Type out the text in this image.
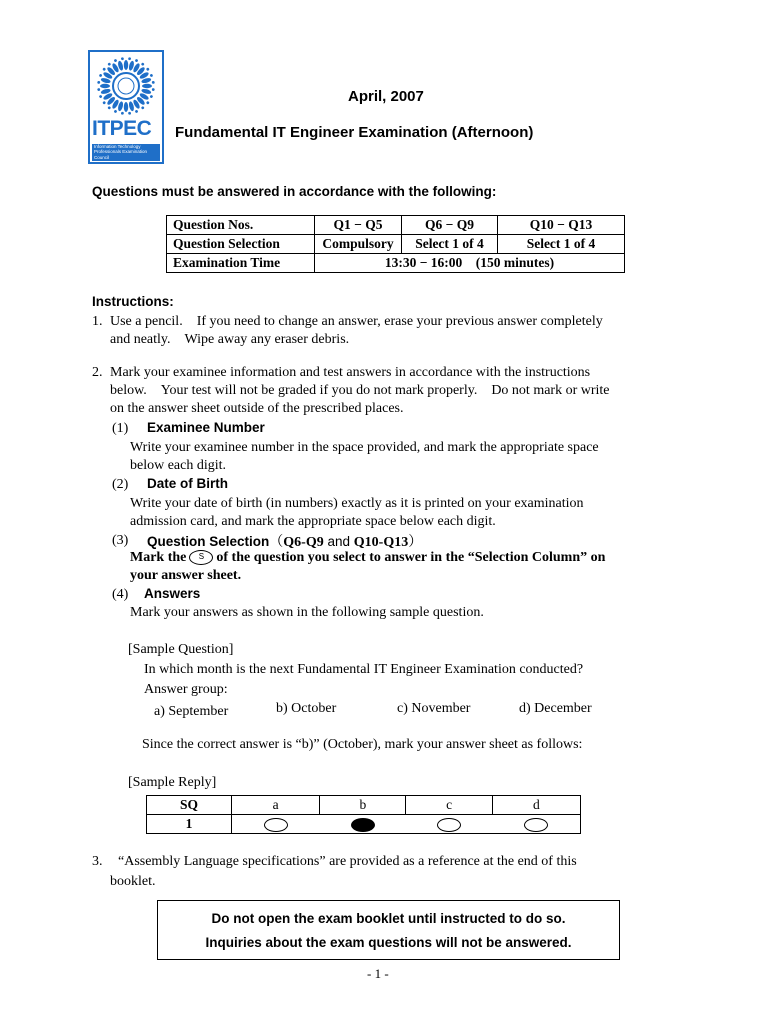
ITPEC
Information Technology
Professionals Examination Council
April, 2007
Fundamental IT Engineer Examination (Afternoon)
Questions must be answered in accordance with the following:
Question Nos.	Q1 − Q5	Q6 − Q9	Q10 − Q13
Question Selection	Compulsory	Select 1 of 4	Select 1 of 4
Examination Time	13:30 − 16:00    (150 minutes)		
Instructions:
1. Use a pencil.    If you need to change an answer, erase your previous answer completely
and neatly.    Wipe away any eraser debris.
2. Mark your examinee information and test answers in accordance with the instructions
below.    Your test will not be graded if you do not mark properly.    Do not mark or write
on the answer sheet outside of the prescribed places.
(1) Examinee Number
Write your examinee number in the space provided, and mark the appropriate space
below each digit.
(2) Date of Birth
Write your date of birth (in numbers) exactly as it is printed on your examination
admission card, and mark the appropriate space below each digit.
(3) Question Selection（Q6-Q9 and Q10-Q13）
Mark the S of the question you select to answer in the “Selection Column” on
your answer sheet.
(4) Answers
Mark your answers as shown in the following sample question.
[Sample Question]
In which month is the next Fundamental IT Engineer Examination conducted?
Answer group:
a) September	b) October	c) November	d) December
Since the correct answer is “b)” (October), mark your answer sheet as follows:
[Sample Reply]
SQ	a	b	c	d
1				
3. “Assembly Language specifications” are provided as a reference at the end of this
booklet.
Do not open the exam booklet until instructed to do so.
Inquiries about the exam questions will not be answered.
- 1 -
